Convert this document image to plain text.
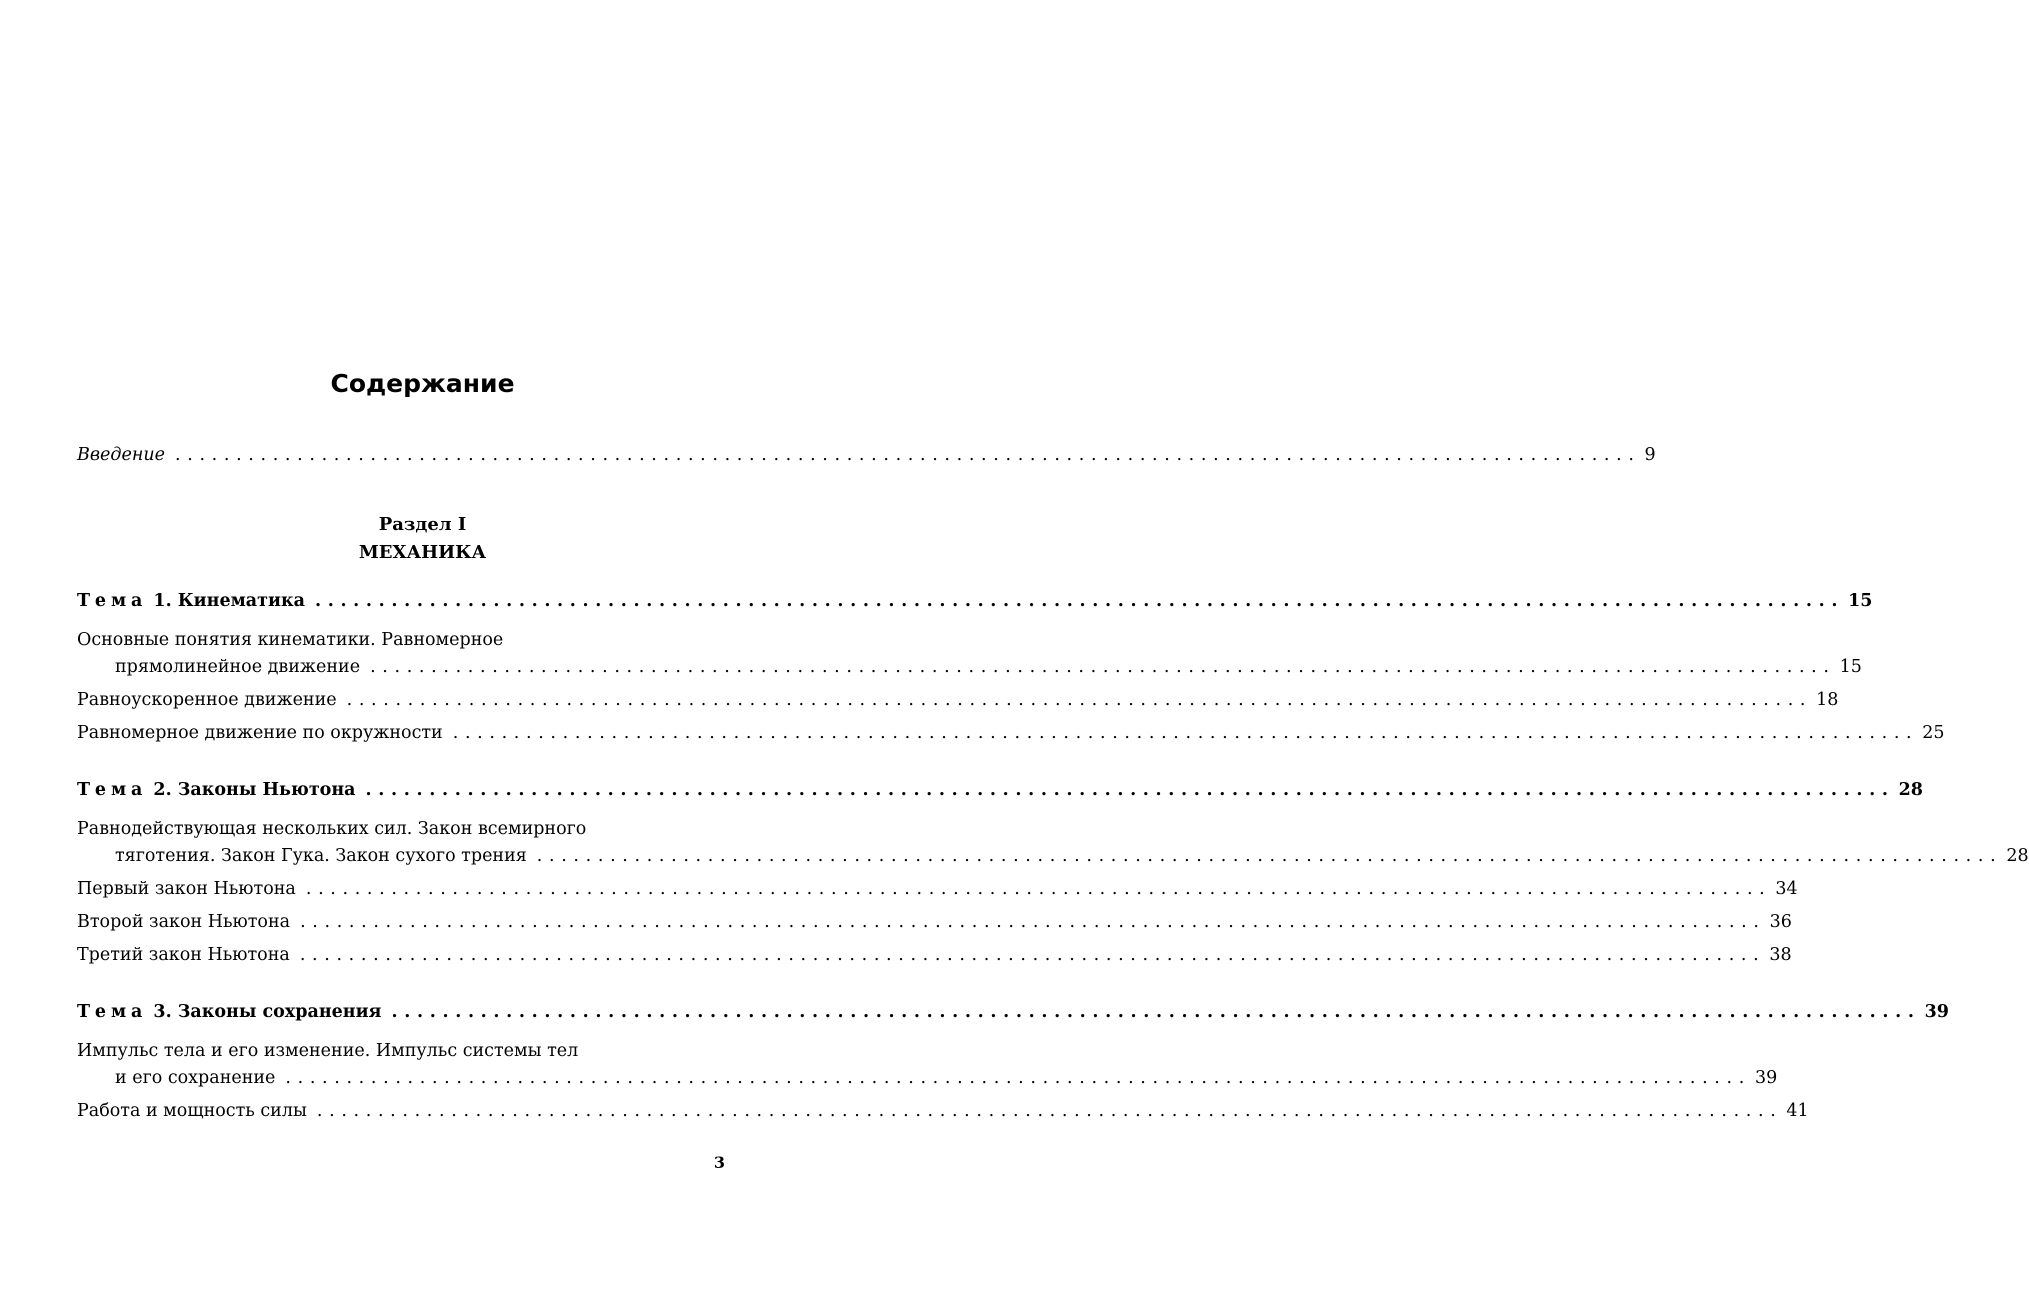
Содержание
Раздел I
МЕХАНИКА
Введение ........................................................................................................................ 9
Тема 1. Кинематика ........................................................................................................................ 15
Основные понятия кинематики. Равномерное
прямолинейное движение ........................................................................................................................ 15
Равноускоренное движение ........................................................................................................................ 18
Равномерное движение по окружности ........................................................................................................................ 25
Тема 2. Законы Ньютона ........................................................................................................................ 28
Равнодействующая нескольких сил. Закон всемирного
тяготения. Закон Гука. Закон сухого трения ........................................................................................................................ 28
Первый закон Ньютона ........................................................................................................................ 34
Второй закон Ньютона ........................................................................................................................ 36
Третий закон Ньютона ........................................................................................................................ 38
Тема 3. Законы сохранения ........................................................................................................................ 39
Импульс тела и его изменение. Импульс системы тел
и его сохранение ........................................................................................................................ 39
Работа и мощность силы ........................................................................................................................ 41
3
